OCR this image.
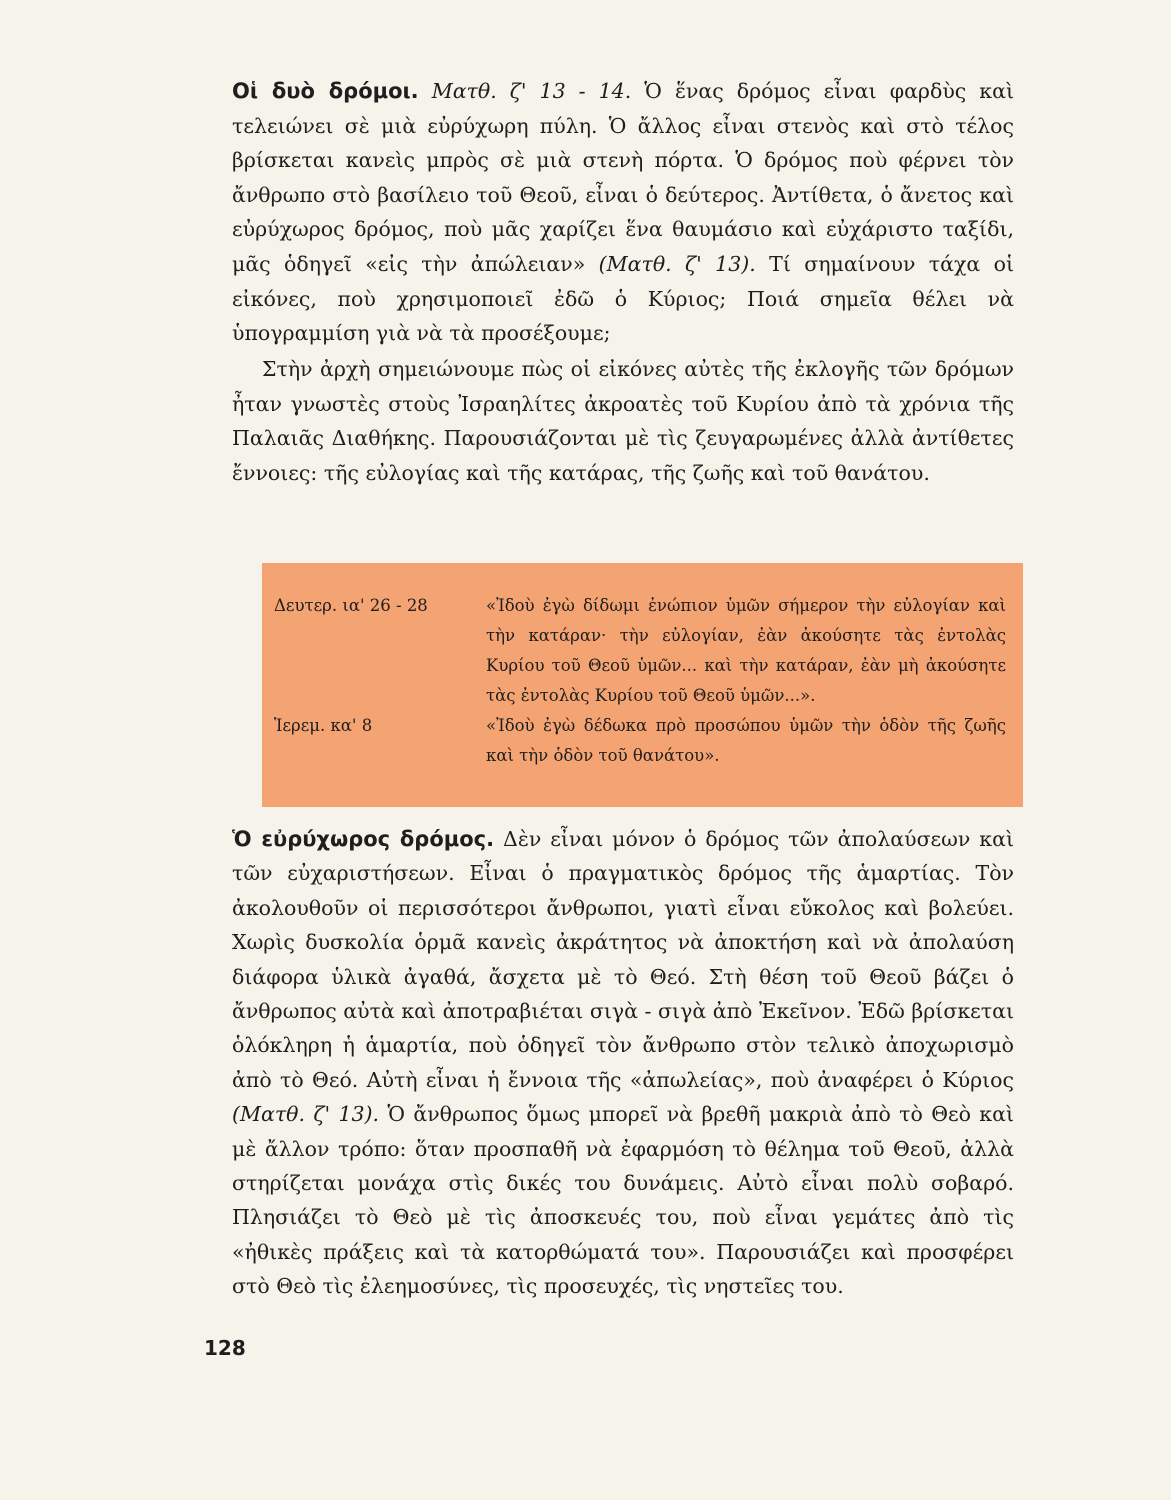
Οἱ δυὸ δρόμοι. Ματθ. ζ' 13 - 14. Ὁ ἕνας δρόμος εἶναι φαρδὺς καὶ τελειώνει σὲ μιὰ εὐρύχωρη πύλη. Ὁ ἄλλος εἶναι στενὸς καὶ στὸ τέλος βρίσκεται κανεὶς μπρὸς σὲ μιὰ στενὴ πόρτα. Ὁ δρόμος ποὺ φέρνει τὸν ἄνθρωπο στὸ βασίλειο τοῦ Θεοῦ, εἶναι ὁ δεύτερος. Ἀντίθετα, ὁ ἄνετος καὶ εὐρύχωρος δρόμος, ποὺ μᾶς χαρίζει ἕνα θαυμάσιο καὶ εὐχάριστο ταξίδι, μᾶς ὁδηγεῖ «εἰς τὴν ἀπώλειαν» (Ματθ. ζ' 13). Τί σημαίνουν τάχα οἱ εἰκόνες, ποὺ χρησιμοποιεῖ ἐδῶ ὁ Κύριος; Ποιά σημεῖα θέλει νὰ ὑπογραμμίση γιὰ νὰ τὰ προσέξουμε;

Στὴν ἀρχὴ σημειώνουμε πὼς οἱ εἰκόνες αὐτὲς τῆς ἐκλογῆς τῶν δρόμων ἦταν γνωστὲς στοὺς Ἰσραηλίτες ἀκροατὲς τοῦ Κυρίου ἀπὸ τὰ χρόνια τῆς Παλαιᾶς Διαθήκης. Παρουσιάζονται μὲ τὶς ζευγαρωμένες ἀλλὰ ἀντίθετες ἔννοιες: τῆς εὐλογίας καὶ τῆς κατάρας, τῆς ζωῆς καὶ τοῦ θανάτου.

Δευτερ. ια' 26 - 28	«Ἰδοὺ ἐγὼ δίδωμι ἐνώπιον ὑμῶν σήμερον τὴν εὐλογίαν καὶ τὴν κατάραν· τὴν εὐλογίαν, ἐὰν ἀκούσητε τὰς ἐντολὰς Κυρίου τοῦ Θεοῦ ὑμῶν... καὶ τὴν κατάραν, ἐὰν μὴ ἀκούσητε τὰς ἐντολὰς Κυρίου τοῦ Θεοῦ ὑμῶν...».
Ἱερεμ. κα' 8	«Ἰδοὺ ἐγὼ δέδωκα πρὸ προσώπου ὑμῶν τὴν ὁδὸν τῆς ζωῆς καὶ τὴν ὁδὸν τοῦ θανάτου».

Ὁ εὐρύχωρος δρόμος. Δὲν εἶναι μόνον ὁ δρόμος τῶν ἀπολαύσεων καὶ τῶν εὐχαριστήσεων. Εἶναι ὁ πραγματικὸς δρόμος τῆς ἁμαρτίας. Τὸν ἀκολουθοῦν οἱ περισσότεροι ἄνθρωποι, γιατὶ εἶναι εὔκολος καὶ βολεύει. Χωρὶς δυσκολία ὁρμᾶ κανεὶς ἀκράτητος νὰ ἀποκτήση καὶ νὰ ἀπολαύση διάφορα ὑλικὰ ἀγαθά, ἄσχετα μὲ τὸ Θεό. Στὴ θέση τοῦ Θεοῦ βάζει ὁ ἄνθρωπος αὐτὰ καὶ ἀποτραβιέται σιγὰ - σιγὰ ἀπὸ Ἐκεῖνον. Ἐδῶ βρίσκεται ὁλόκληρη ἡ ἁμαρτία, ποὺ ὁδηγεῖ τὸν ἄνθρωπο στὸν τελικὸ ἀποχωρισμὸ ἀπὸ τὸ Θεό. Αὐτὴ εἶναι ἡ ἔννοια τῆς «ἀπωλείας», ποὺ ἀναφέρει ὁ Κύριος (Ματθ. ζ' 13). Ὁ ἄνθρωπος ὅμως μπορεῖ νὰ βρεθῆ μακριὰ ἀπὸ τὸ Θεὸ καὶ μὲ ἄλλον τρόπο: ὅταν προσπαθῆ νὰ ἐφαρμόση τὸ θέλημα τοῦ Θεοῦ, ἀλλὰ στηρίζεται μονάχα στὶς δικές του δυνάμεις. Αὐτὸ εἶναι πολὺ σοβαρό. Πλησιάζει τὸ Θεὸ μὲ τὶς ἀποσκευές του, ποὺ εἶναι γεμάτες ἀπὸ τὶς «ἠθικὲς πράξεις καὶ τὰ κατορθώματά του». Παρουσιάζει καὶ προσφέρει στὸ Θεὸ τὶς ἐλεημοσύνες, τὶς προσευχές, τὶς νηστεῖες του.

128
